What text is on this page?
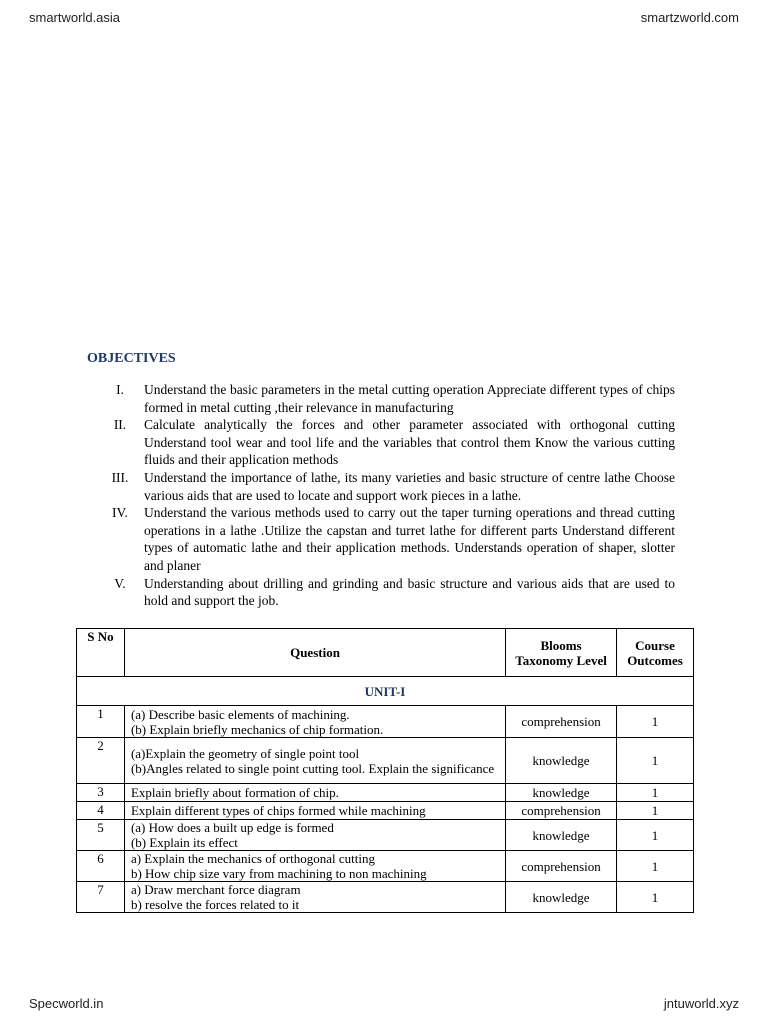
smartworld.asia	smartzworld.com
Specworld.in	jntuworld.xyz
OBJECTIVES
I.	Understand the basic parameters in the metal cutting operation Appreciate different types of chips formed in metal cutting ,their relevance in manufacturing
II.	Calculate analytically the forces and other parameter associated with orthogonal cutting Understand tool wear and tool life and the variables that control them Know the various cutting fluids and their application methods
III.	Understand the importance of lathe, its many varieties and basic structure of centre lathe Choose various aids that are used to locate and support work pieces in a lathe.
IV.	Understand the various methods used to carry out the taper turning operations and thread cutting operations in a lathe .Utilize the capstan and turret lathe for different parts Understand different types of automatic lathe and their application methods. Understands operation of shaper, slotter and planer
V.	Understanding about drilling and grinding and basic structure and various aids that are used to hold and support the job.
S No	Question	Blooms Taxonomy Level	Course Outcomes
UNIT-I			
1	(a) Describe basic elements of machining.
(b) Explain briefly mechanics of chip formation.	comprehension	1
2	(a)Explain the geometry of single point tool
(b)Angles related to single point cutting tool. Explain the significance	knowledge	1
3	Explain briefly about formation of chip.	knowledge	1
4	Explain different types of chips formed while machining	comprehension	1
5	(a) How does a built up edge is formed
(b) Explain its effect	knowledge	1
6	a) Explain the mechanics of orthogonal cutting
b) How chip size vary from machining to non machining	comprehension	1
7	a) Draw merchant force diagram
b) resolve the forces related to it	knowledge	1
